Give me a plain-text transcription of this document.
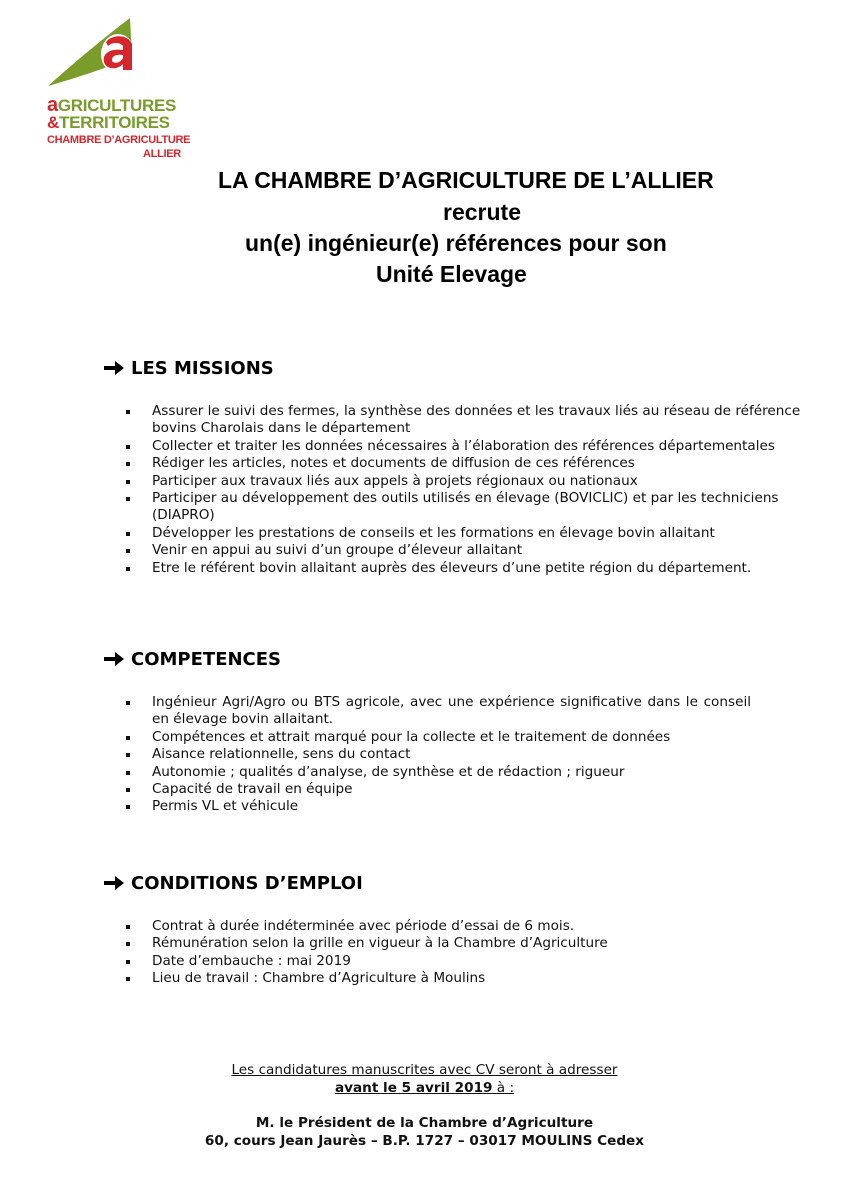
aGRICULTURES
&TERRITOIRES
CHAMBRE D’AGRICULTURE
ALLIER
LA CHAMBRE D’AGRICULTURE DE L’ALLIER
recrute
un(e) ingénieur(e) références pour son
Unité Elevage
LES MISSIONS
Assurer le suivi des fermes, la synthèse des données et les travaux liés au réseau de référence bovins Charolais dans le département
Collecter et traiter les données nécessaires à l’élaboration des références départementales
Rédiger les articles, notes et documents de diffusion de ces références
Participer aux travaux liés aux appels à projets régionaux ou nationaux
Participer au développement des outils utilisés en élevage (BOVICLIC) et par les techniciens (DIAPRO)
Développer les prestations de conseils et les formations en élevage bovin allaitant
Venir en appui au suivi d’un groupe d’éleveur allaitant
Etre le référent bovin allaitant auprès des éleveurs d’une petite région du département.
COMPETENCES
Ingénieur Agri/Agro ou BTS agricole, avec une expérience significative dans le conseil en élevage bovin allaitant.
Compétences et attrait marqué pour la collecte et le traitement de données
Aisance relationnelle, sens du contact
Autonomie ; qualités d’analyse, de synthèse et de rédaction ; rigueur
Capacité de travail en équipe
Permis VL et véhicule
CONDITIONS D’EMPLOI
Contrat à durée indéterminée avec période d’essai de 6 mois.
Rémunération selon la grille en vigueur à la Chambre d’Agriculture
Date d’embauche : mai 2019
Lieu de travail : Chambre d’Agriculture à Moulins
Les candidatures manuscrites avec CV seront à adresser
avant le 5 avril 2019 à :
M. le Président de la Chambre d’Agriculture
60, cours Jean Jaurès – B.P. 1727 – 03017 MOULINS Cedex
